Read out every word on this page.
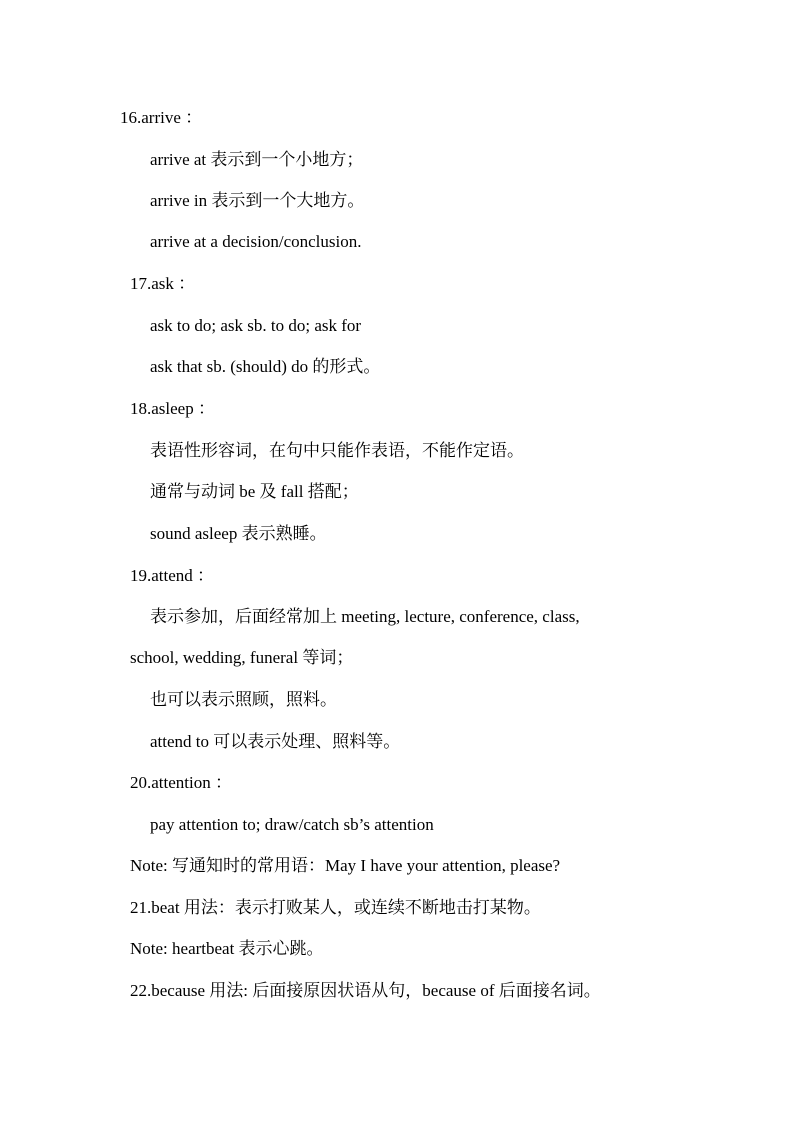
16.arrive ：
arrive at 表示到一个小地方；
arrive in 表示到一个大地方。
arrive at a decision/conclusion.
17.ask ：
ask to do; ask sb. to do; ask for
ask that sb. (should) do 的形式。
18.asleep ：
表语性形容词，在句中只能作表语，不能作定语。
通常与动词 be 及 fall 搭配；
sound asleep 表示熟睡。
19.attend ：
表示参加，后面经常加上 meeting, lecture, conference, class,
school, wedding, funeral 等词；
也可以表示照顾，照料。
attend to 可以表示处理、照料等。
20.attention ：
pay attention to; draw/catch sb’s attention
Note: 写通知时的常用语：May I have your attention, please?
21.beat 用法：表示打败某人，或连续不断地击打某物。
Note: heartbeat 表示心跳。
22.because 用法: 后面接原因状语从句，because of 后面接名词。
